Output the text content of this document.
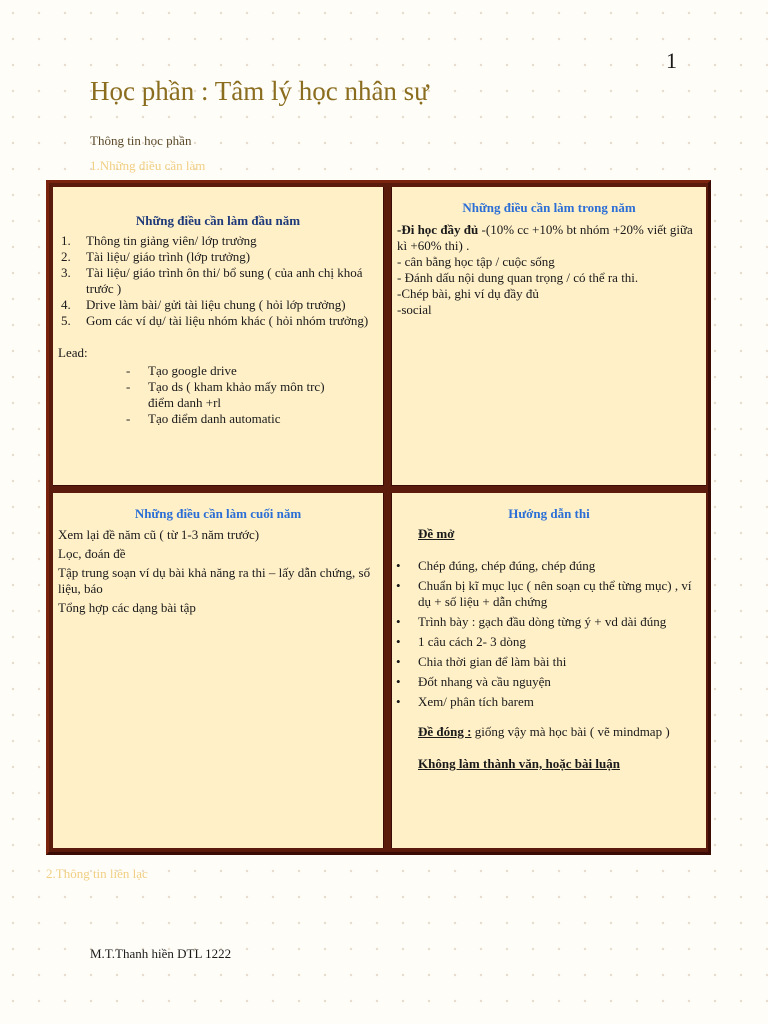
1
Học phần : Tâm lý học nhân sự
Thông tin học phần
1.Những điều cần làm
Những điều cần làm đầu năm
1. Thông tin giảng viên/ lớp trưởng
2. Tài liệu/ giáo trình (lớp trưởng)
3. Tài liệu/ giáo trình ôn thi/ bổ sung ( của anh chị khoá trước )
4. Drive làm bài/ gửi tài liệu chung ( hỏi lớp trưởng)
5. Gom các ví dụ/ tài liệu nhóm khác ( hỏi nhóm trưởng)
Lead:
- Tạo google drive
- Tạo ds ( kham khảo mấy môn trc) điểm danh +rl
- Tạo điểm danh automatic
Những điều cần làm trong năm
-Đi học đầy đủ -(10% cc +10% bt nhóm +20% viết giữa kì +60% thi) .
- cân bằng học tập / cuộc sống
- Đánh dấu nội dung quan trọng / có thể ra thi.
-Chép bài, ghi ví dụ đầy đủ
-social
Những điều cần làm cuối năm
Xem lại đề năm cũ ( từ 1-3 năm trước)
Lọc, đoán đề
Tập trung soạn ví dụ bài khả năng ra thi – lấy dẫn chứng, số liệu, báo
Tổng hợp các dạng bài tập
Hướng dẫn thi
Đề mở
• Chép đúng, chép đúng, chép đúng
• Chuẩn bị kĩ mục lục ( nên soạn cụ thể từng mục) , ví dụ + số liệu + dẫn chứng
• Trình bày : gạch đầu dòng từng ý + vd dài đúng
• 1 câu cách 2- 3 dòng
• Chia thời gian để làm bài thi
• Đốt nhang và cầu nguyện
• Xem/ phân tích barem
Đề đóng : giống vậy mà học bài ( vẽ mindmap )
Không làm thành văn, hoặc bài luận
2.Thông tin liên lạc
M.T.Thanh hiền DTL 1222
